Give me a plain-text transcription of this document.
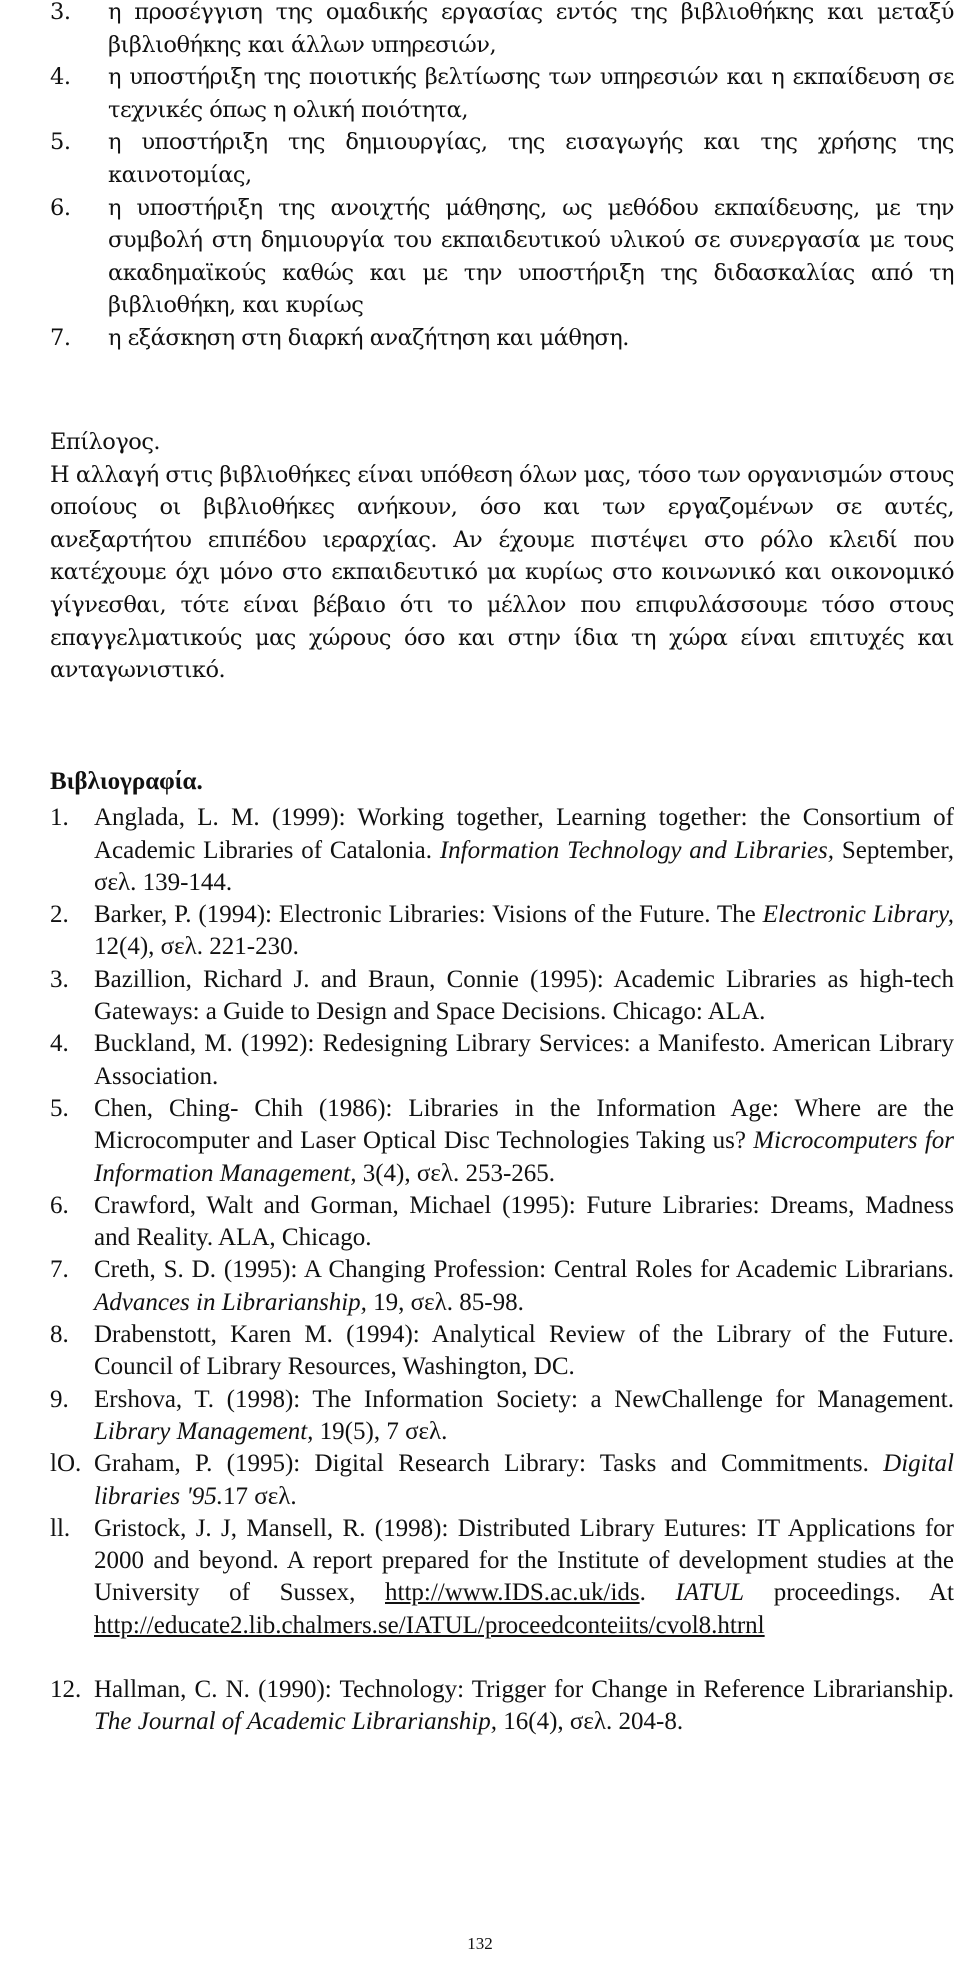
3.	η προσέγγιση της ομαδικής εργασίας εντός της βιβλιοθήκης και μεταξύ βιβλιοθήκης και άλλων υπηρεσιών,
4.	η υποστήριξη της ποιοτικής βελτίωσης των υπηρεσιών και η εκπαίδευση σε τεχνικές όπως η ολική ποιότητα,
5.	η υποστήριξη της δημιουργίας, της εισαγωγής και της χρήσης της καινοτομίας,
6.	η υποστήριξη της ανοιχτής μάθησης, ως μεθόδου εκπαίδευσης, με την συμβολή στη δημιουργία του εκπαιδευτικού υλικού σε συνεργασία με τους ακαδημαϊκούς καθώς και με την υποστήριξη της διδασκαλίας από τη βιβλιοθήκη, και κυρίως
7.	η εξάσκηση στη διαρκή αναζήτηση και μάθηση.

Επίλογος.

Η αλλαγή στις βιβλιοθήκες είναι υπόθεση όλων μας, τόσο των οργανισμών στους οποίους οι βιβλιοθήκες ανήκουν, όσο και των εργαζομένων σε αυτές, ανεξαρτήτου επιπέδου ιεραρχίας. Αν έχουμε πιστέψει στο ρόλο κλειδί που κατέχουμε όχι μόνο στο εκπαιδευτικό μα κυρίως στο κοινωνικό και οικονομικό γίγνεσθαι, τότε είναι βέβαιο ότι το μέλλον που επιφυλάσσουμε τόσο στους επαγγελματικούς μας χώρους όσο και στην ίδια τη χώρα είναι επιτυχές και ανταγωνιστικό.

Βιβλιογραφία.

1.	Anglada, L. M. (1999): Working together, Learning together: the Consortium of Academic Libraries of Catalonia. Information Technology and Libraries, September, σελ. 139-144.
2.	Barker, P. (1994): Electronic Libraries: Visions of the Future. The Electronic Library, 12(4), σελ. 221-230.
3.	Bazillion, Richard J. and Braun, Connie (1995): Academic Libraries as high-tech Gateways: a Guide to Design and Space Decisions. Chicago: ALA.
4.	Buckland, M. (1992): Redesigning Library Services: a Manifesto. American Library Association.
5.	Chen, Ching- Chih (1986): Libraries in the Information Age: Where are the Microcomputer and Laser Optical Disc Technologies Taking us? Microcomputers for Information Management, 3(4), σελ. 253-265.
6.	Crawford, Walt and Gorman, Michael (1995): Future Libraries: Dreams, Madness and Reality. ALA, Chicago.
7.	Creth, S. D. (1995): A Changing Profession: Central Roles for Academic Librarians. Advances in Librarianship, 19, σελ. 85-98.
8.	Drabenstott, Karen M. (1994): Analytical Review of the Library of the Future. Council of Library Resources, Washington, DC.
9.	Ershova, T. (1998): The Information Society: a NewChallenge for Management. Library Management, 19(5), 7 σελ.
lO. Graham, P. (1995): Digital Research Library: Tasks and Commitments. Digital libraries '95.17 σελ.
ll. Gristock, J. J, Mansell, R. (1998): Distributed Library Eutures: IT Applications for 2000 and beyond. A report prepared for the Institute of development studies at the University of Sussex, http://www.IDS.ac.uk/ids. IATUL proceedings. At http://educate2.lib.chalmers.se/IATUL/proceedconteiits/cvol8.htrnl
12. Hallman, C. N. (1990): Technology: Trigger for Change in Reference Librarianship. The Journal of Academic Librarianship, 16(4), σελ. 204-8.
132
